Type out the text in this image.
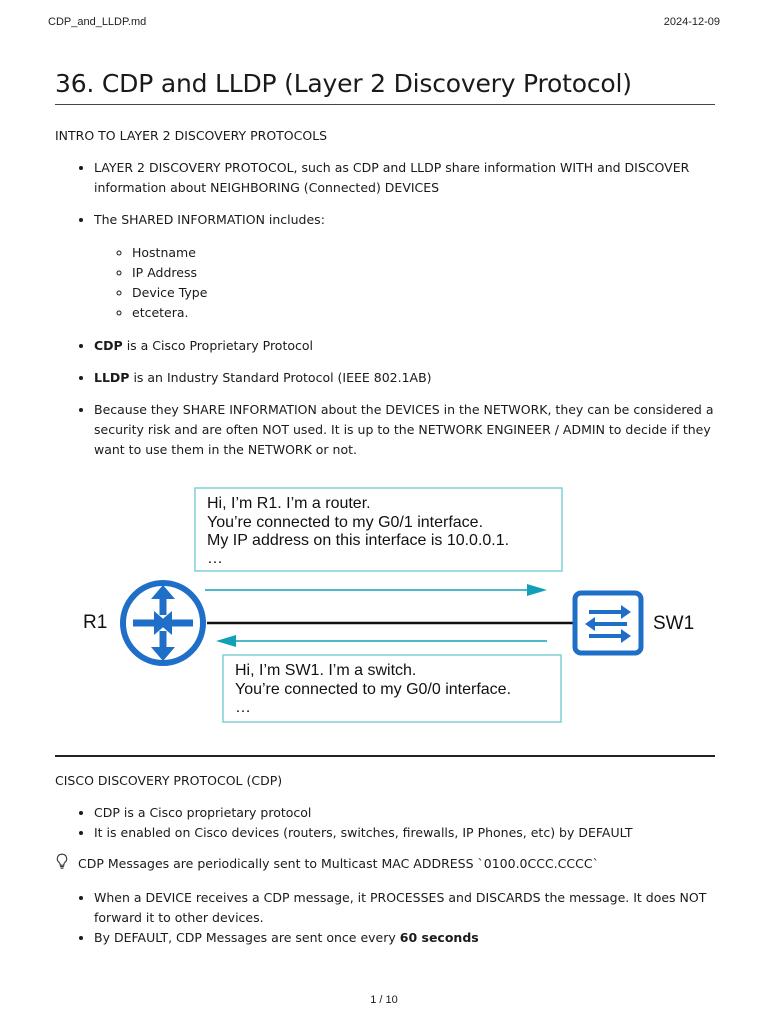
CDP_and_LLDP.md	2024-12-09
36. CDP and LLDP (Layer 2 Discovery Protocol)
INTRO TO LAYER 2 DISCOVERY PROTOCOLS
• LAYER 2 DISCOVERY PROTOCOL, such as CDP and LLDP share information WITH and DISCOVER information about NEIGHBORING (Connected) DEVICES
• The SHARED INFORMATION includes:
◦ Hostname
◦ IP Address
◦ Device Type
◦ etcetera.
• CDP is a Cisco Proprietary Protocol
• LLDP is an Industry Standard Protocol (IEEE 802.1AB)
• Because they SHARE INFORMATION about the DEVICES in the NETWORK, they can be considered a security risk and are often NOT used. It is up to the NETWORK ENGINEER / ADMIN to decide if they want to use them in the NETWORK or not.
Hi, I’m R1. I’m a router.
You’re connected to my G0/1 interface.
My IP address on this interface is 10.0.0.1.
…
R1	SW1
Hi, I’m SW1. I’m a switch.
You’re connected to my G0/0 interface.
…
CISCO DISCOVERY PROTOCOL (CDP)
• CDP is a Cisco proprietary protocol
• It is enabled on Cisco devices (routers, switches, firewalls, IP Phones, etc) by DEFAULT
CDP Messages are periodically sent to Multicast MAC ADDRESS `0100.0CCC.CCCC`
• When a DEVICE receives a CDP message, it PROCESSES and DISCARDS the message. It does NOT forward it to other devices.
• By DEFAULT, CDP Messages are sent once every 60 seconds
1 / 10
